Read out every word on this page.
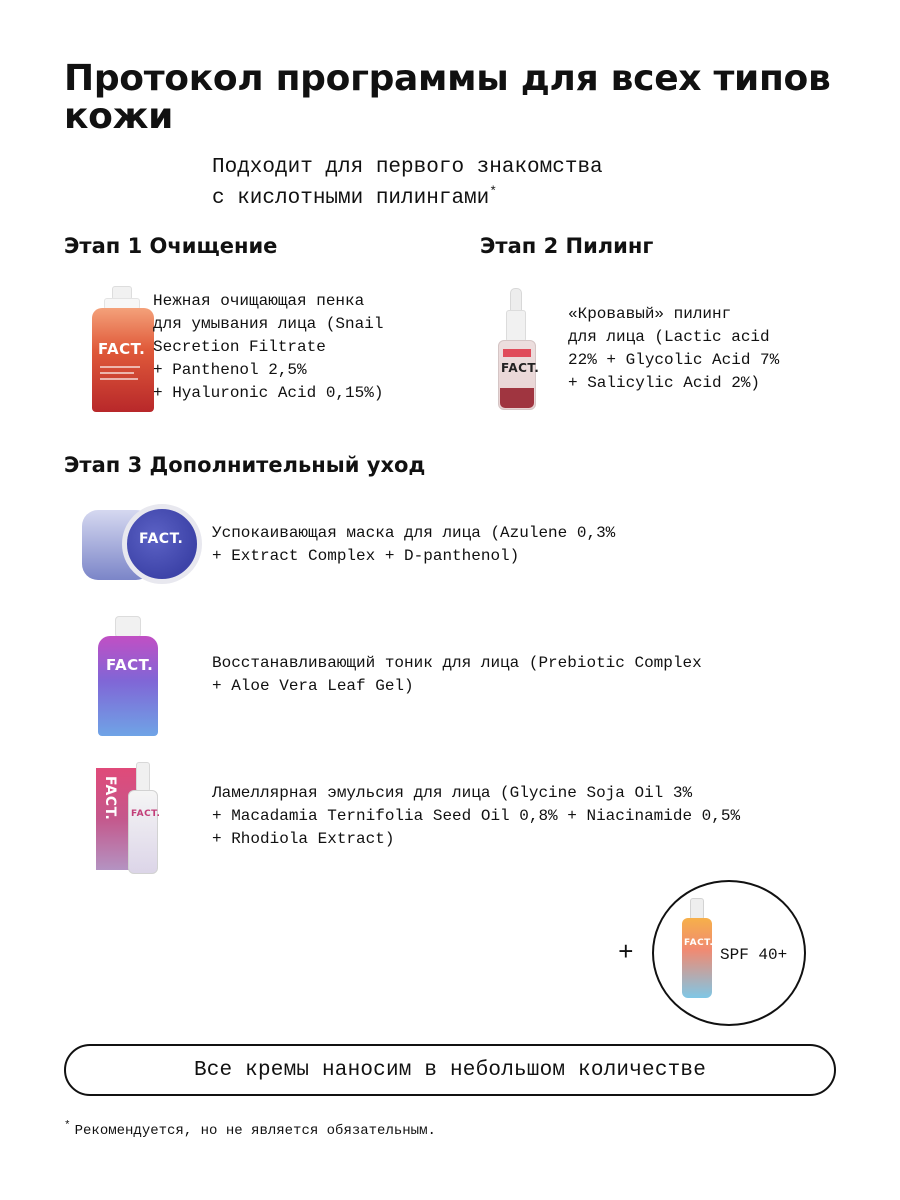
Протокол программы для всех типов кожи
Подходит для первого знакомства
с кислотными пилингами*
Этап 1 Очищение
FACT.
Нежная очищающая пенка
для умывания лица (Snail
Secretion Filtrate
+ Panthenol 2,5%
+ Hyaluronic Acid 0,15%)
Этап 2 Пилинг
FACT.
«Кровавый» пилинг
для лица (Lactic acid
22% + Glycolic Acid 7%
+ Salicylic Acid 2%)
Этап 3 Дополнительный уход
FACT. Успокаивающая маска для лица (Azulene 0,3%
+ Extract Complex + D-panthenol)
FACT.	Восстанавливающий тоник для лица (Prebiotic Complex
+ Aloe Vera Leaf Gel)
FACT. FACT.
Ламеллярная эмульсия для лица (Glycine Soja Oil 3%
+ Macadamia Ternifolia Seed Oil 0,8% + Niacinamide 0,5%
+ Rhodiola Extract)
+	FACT.
SPF 40+
Все кремы наносим в небольшом количестве
* Рекомендуется, но не является обязательным.
